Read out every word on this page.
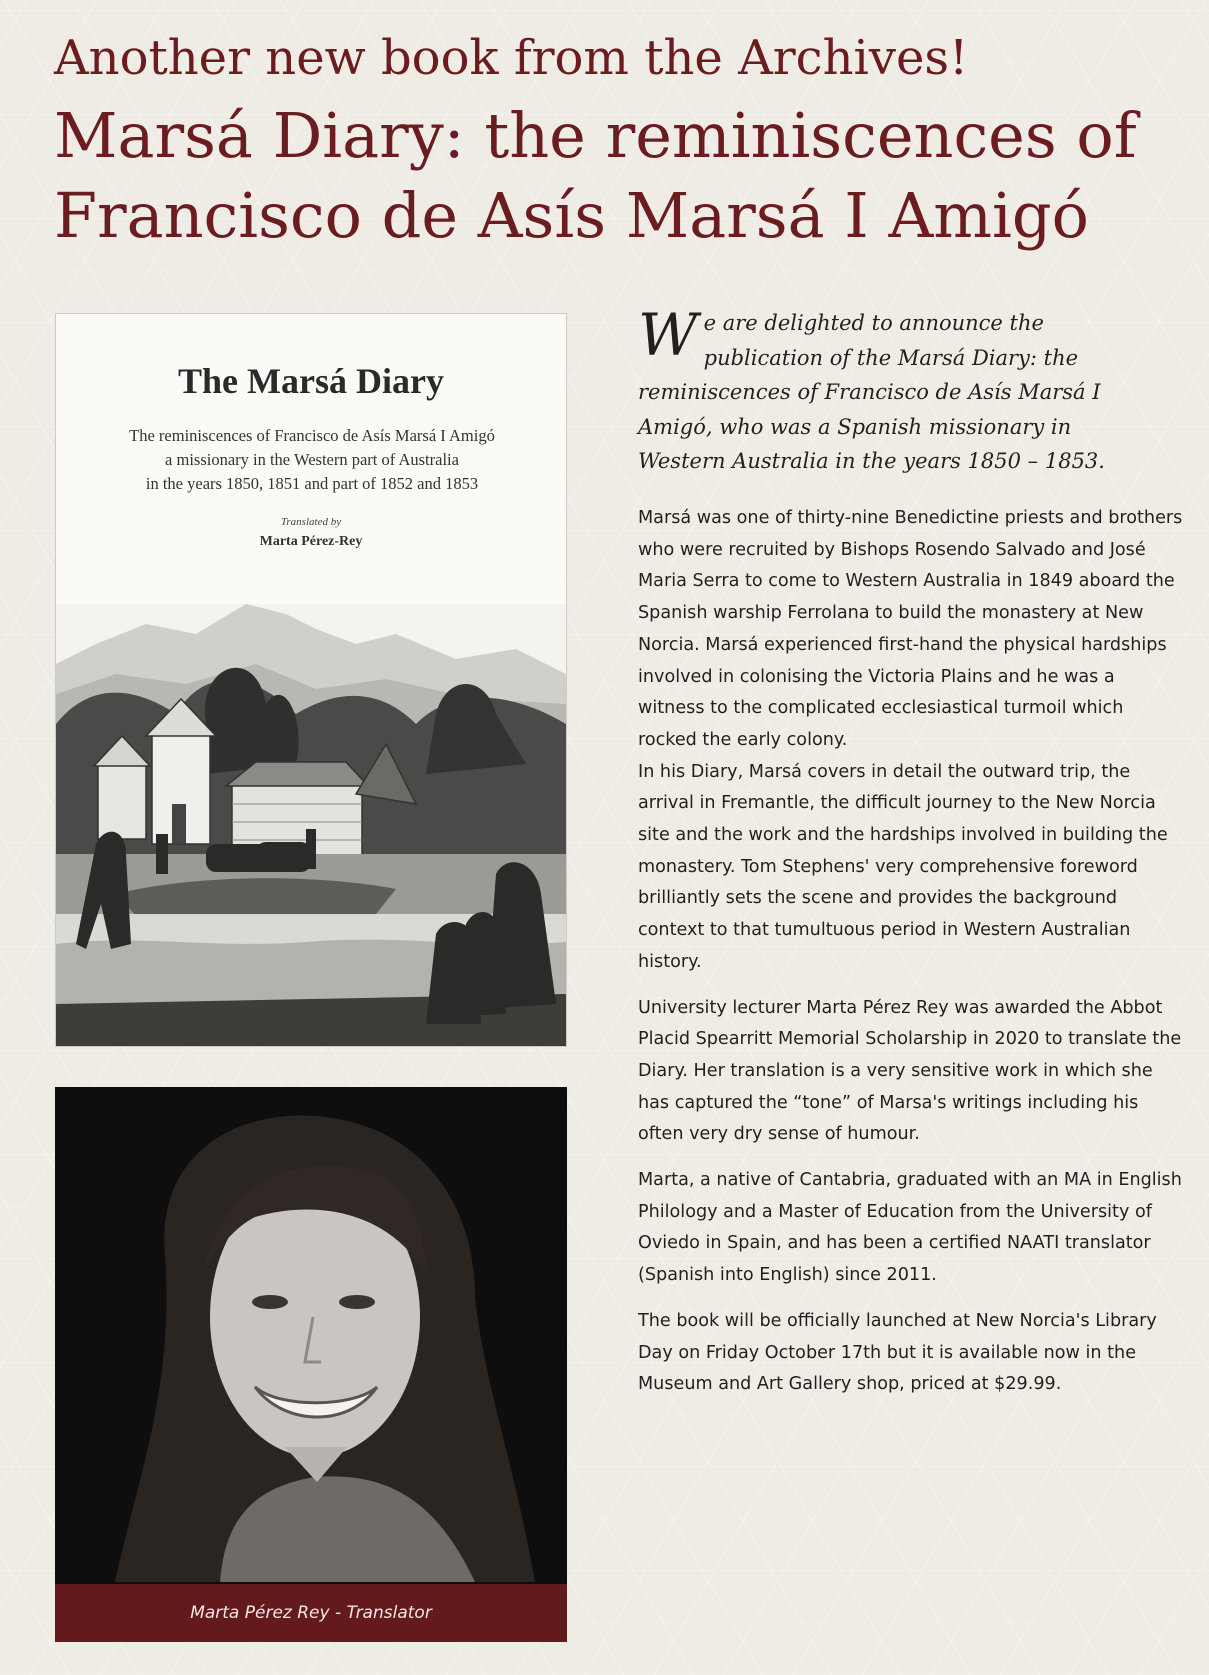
Another new book from the Archives!
Marsá Diary: the reminiscences of
Francisco de Asís Marsá I Amigó
The Marsá Diary
The reminiscences of Francisco de Asís Marsá I Amigó
a missionary in the Western part of Australia
in the years 1850, 1851 and part of 1852 and 1853
Translated by
Marta Pérez-Rey
Marta Pérez Rey - Translator

We are delighted to announce the publication of the Marsá Diary: the reminiscences of Francisco de Asís Marsá I Amigó, who was a Spanish missionary in Western Australia in the years 1850 – 1853.

Marsá was one of thirty-nine Benedictine priests and brothers who were recruited by Bishops Rosendo Salvado and José Maria Serra to come to Western Australia in 1849 aboard the Spanish warship Ferrolana to build the monastery at New Norcia. Marsá experienced first-hand the physical hardships involved in colonising the Victoria Plains and he was a witness to the complicated ecclesiastical turmoil which rocked the early colony.

In his Diary, Marsá covers in detail the outward trip, the arrival in Fremantle, the difficult journey to the New Norcia site and the work and the hardships involved in building the monastery. Tom Stephens' very comprehensive foreword brilliantly sets the scene and provides the background context to that tumultuous period in Western Australian history.

University lecturer Marta Pérez Rey was awarded the Abbot Placid Spearritt Memorial Scholarship in 2020 to translate the Diary. Her translation is a very sensitive work in which she has captured the “tone” of Marsa's writings including his often very dry sense of humour.

Marta, a native of Cantabria, graduated with an MA in English Philology and a Master of Education from the University of Oviedo in Spain, and has been a certified NAATI translator (Spanish into English) since 2011.

The book will be officially launched at New Norcia's Library Day on Friday October 17th but it is available now in the Museum and Art Gallery shop, priced at $29.99.
